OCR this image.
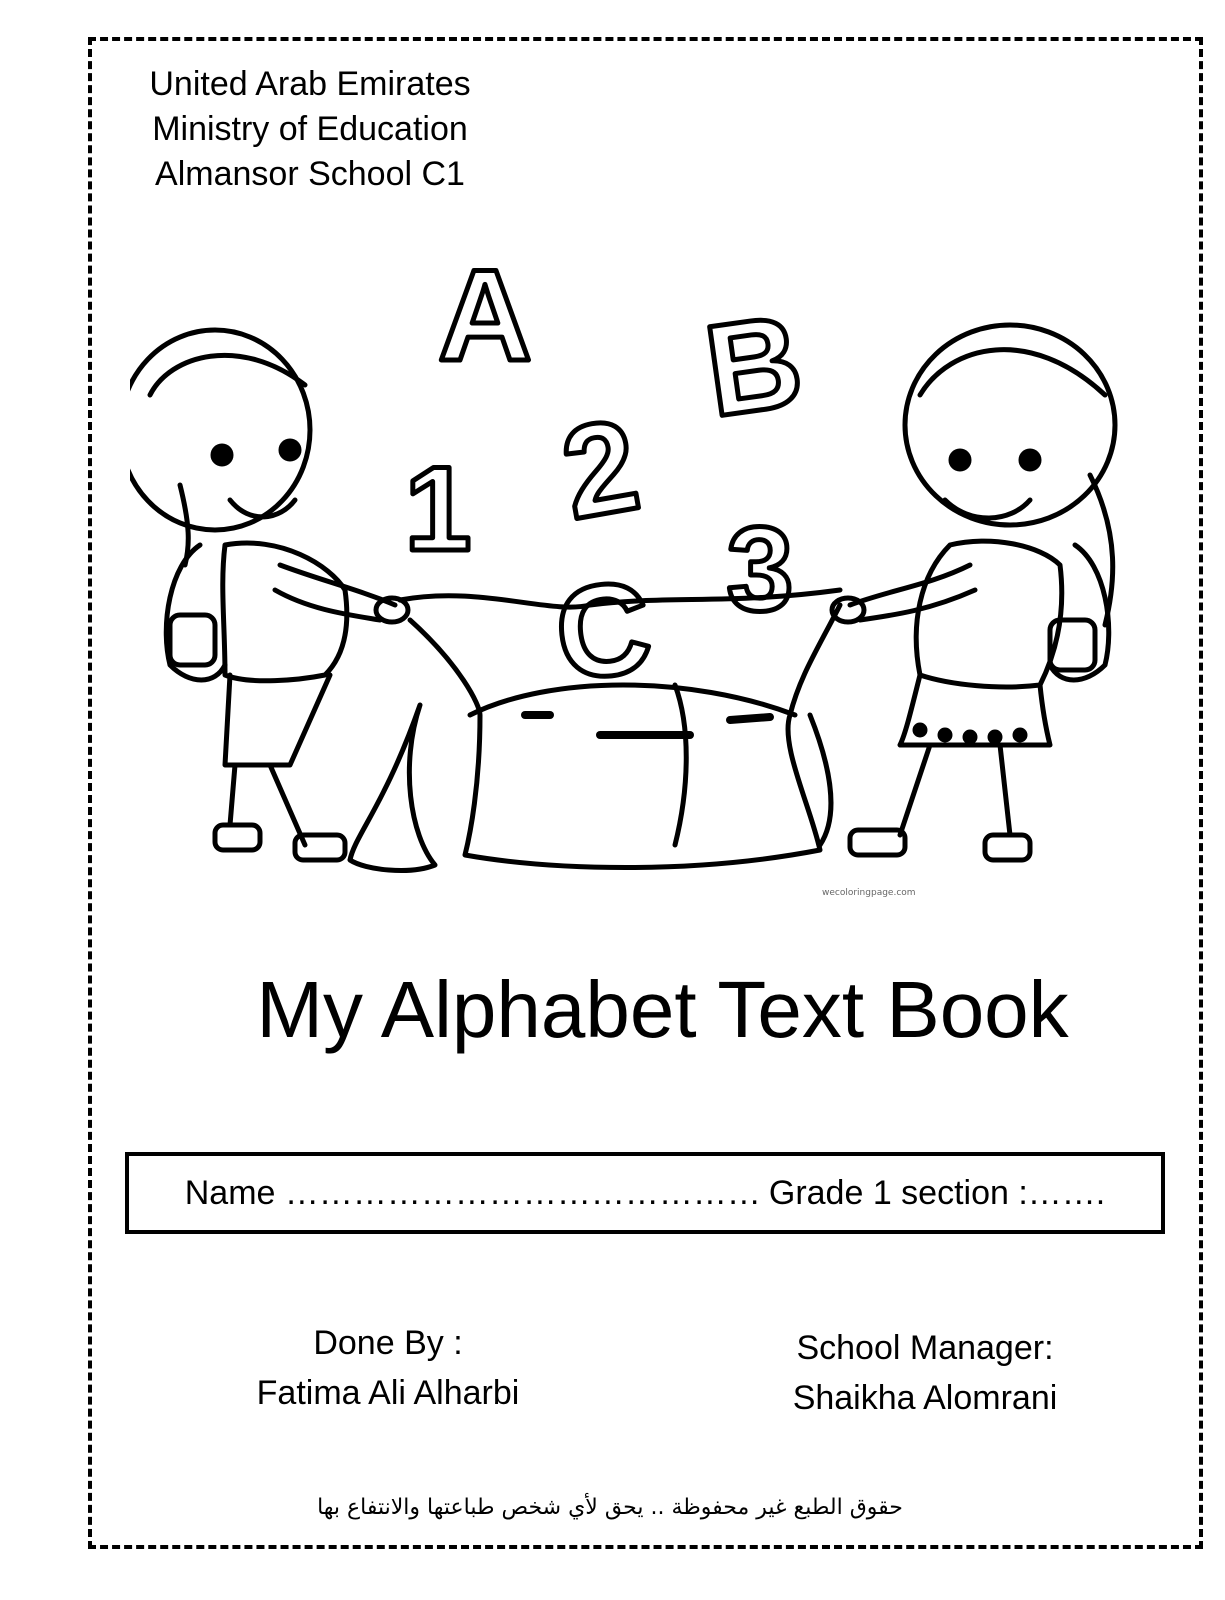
United Arab Emirates
Ministry of Education
Almansor School C1
A B
1 2
3
C
wecoloringpage.com
My Alphabet Text Book
Name …………………………………… Grade 1 section :…….
Done By :
Fatima Ali Alharbi
School Manager:
Shaikha Alomrani
حقوق الطبع غير محفوظة .. يحق لأي شخص طباعتها والانتفاع بها
